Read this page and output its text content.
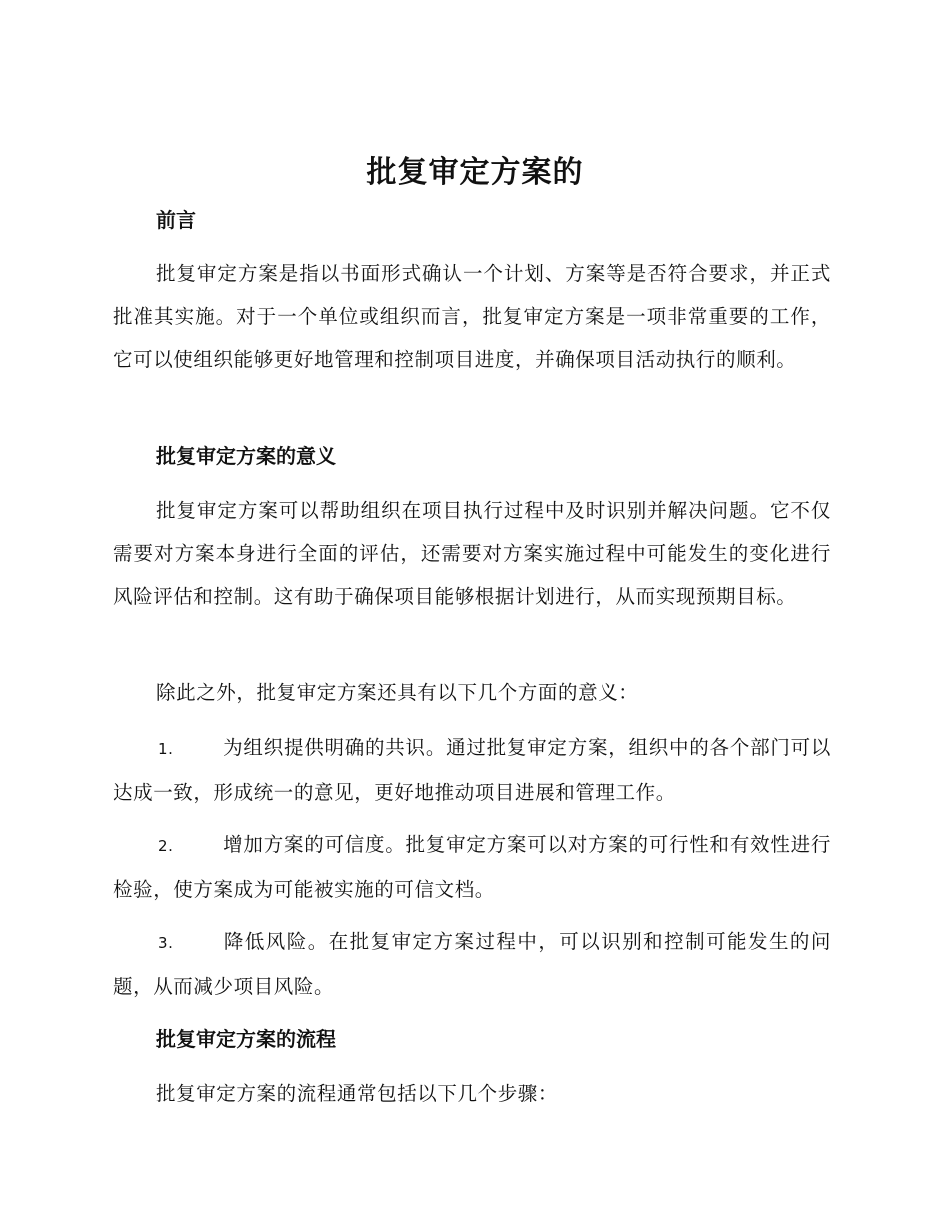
批复审定方案的
前言
批复审定方案是指以书面形式确认一个计划、方案等是否符合要求，并正式批准其实施。对于一个单位或组织而言，批复审定方案是一项非常重要的工作，它可以使组织能够更好地管理和控制项目进度，并确保项目活动执行的顺利。
批复审定方案的意义
批复审定方案可以帮助组织在项目执行过程中及时识别并解决问题。它不仅需要对方案本身进行全面的评估，还需要对方案实施过程中可能发生的变化进行风险评估和控制。这有助于确保项目能够根据计划进行，从而实现预期目标。
除此之外，批复审定方案还具有以下几个方面的意义：
1.	为组织提供明确的共识。通过批复审定方案，组织中的各个部门可以达成一致，形成统一的意见，更好地推动项目进展和管理工作。
2.	增加方案的可信度。批复审定方案可以对方案的可行性和有效性进行检验，使方案成为可能被实施的可信文档。
3.	降低风险。在批复审定方案过程中，可以识别和控制可能发生的问题，从而减少项目风险。
批复审定方案的流程
批复审定方案的流程通常包括以下几个步骤：
